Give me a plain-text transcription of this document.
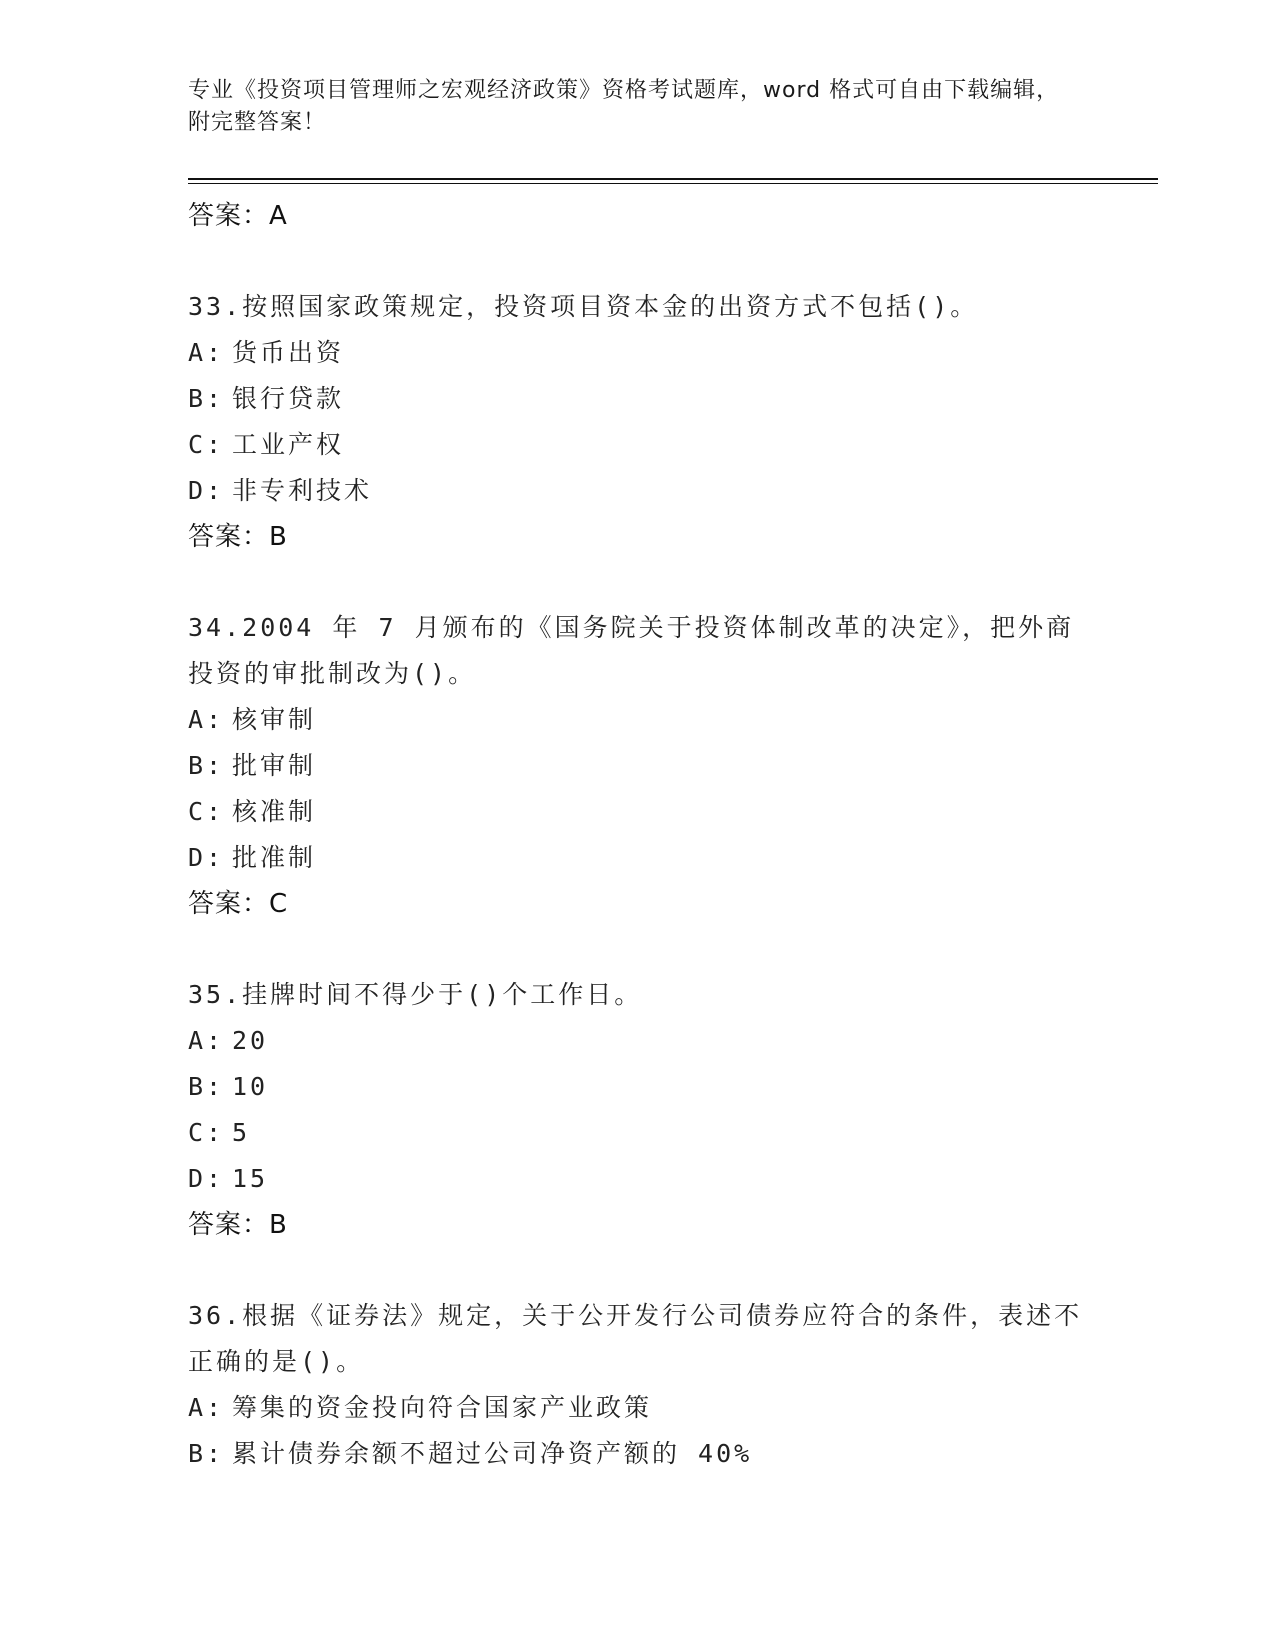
专业《投资项目管理师之宏观经济政策》资格考试题库，word 格式可自由下载编辑，附完整答案！
答案：A
33.按照国家政策规定，投资项目资本金的出资方式不包括()。
A: 货币出资
B: 银行贷款
C: 工业产权
D: 非专利技术
答案：B
34.2004 年 7 月颁布的《国务院关于投资体制改革的决定》，把外商投资的审批制改为()。
A: 核审制
B: 批审制
C: 核准制
D: 批准制
答案：C
35.挂牌时间不得少于()个工作日。
A: 20
B: 10
C: 5
D: 15
答案：B
36.根据《证券法》规定，关于公开发行公司债券应符合的条件，表述不正确的是()。
A: 筹集的资金投向符合国家产业政策
B: 累计债券余额不超过公司净资产额的 40%
